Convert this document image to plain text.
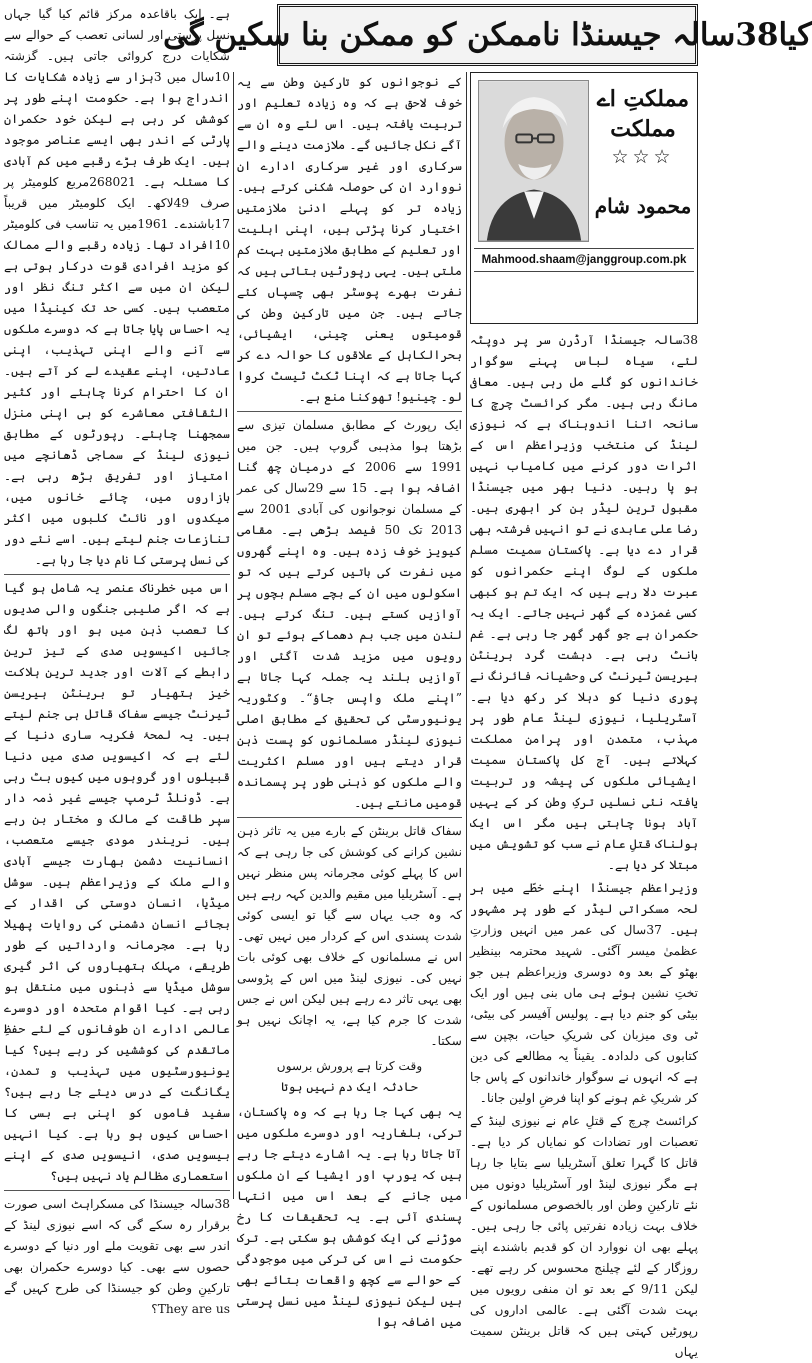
کیا38سالہ جیسنڈا ناممکن کو ممکن بنا سکیں گی
مملکتِ اے مملکت
☆☆☆
محمود شام
Mahmood.shaam@janggroup.com.pk

38سالہ جیسنڈا آرڈرن سر پر دوپٹہ لئے، سیاہ لباس پہنے سوگوار خاندانوں کو گلے مل رہی ہیں۔ معافی مانگ رہی ہیں۔ مگر کرائسٹ چرچ کا سانحہ اتنا اندوہناک ہے کہ نیوزی لینڈ کی منتخب وزیراعظم اس کے اثرات دور کرنے میں کامیاب نہیں ہو پا رہیں۔ دنیا بھر میں جیسنڈا مقبول ترین لیڈر بن کر ابھری ہیں۔ رضا علی عابدی نے تو انہیں فرشتہ بھی قرار دے دیا ہے۔ پاکستان سمیت مسلم ملکوں کے لوگ اپنے حکمرانوں کو عبرت دلا رہے ہیں کہ ایک تم ہو کبھی کسی غمزدہ کے گھر نہیں جاتے۔ ایک یہ حکمران ہے جو گھر گھر جا رہی ہے۔ غم بانٹ رہی ہے۔ دہشت گرد برینٹن ہیریسن ٹیرنٹ کی وحشیانہ فائرنگ نے پوری دنیا کو دہلا کر رکھ دیا ہے۔ آسٹریلیا، نیوزی لینڈ عام طور پر مہذب، متمدن اور پرامن مملکت کہلاتے ہیں۔ آج کل پاکستان سمیت ایشیائی ملکوں کی پیشہ ور تربیت یافتہ نئی نسلیں ترکِ وطن کر کے یہیں آباد ہونا چاہتی ہیں مگر اس ایک ہولناک قتلِ عام نے سب کو تشویش میں مبتلا کر دیا ہے۔

وزیراعظم جیسنڈا اپنے خطّے میں ہر لحہ مسکراتی لیڈر کے طور پر مشہور ہیں۔ 37سال کی عمر میں انہیں وزارتِ عظمیٰ میسر آگئی۔ شہید محترمہ بینظیر بھٹو کے بعد وہ دوسری وزیراعظم ہیں جو تختِ نشین ہوئے ہی ماں بنی ہیں اور ایک بیٹی کو جنم دیا ہے۔ پولیس آفیسر کی بیٹی، ٹی وی میزبان کی شریکِ حیات، بچپن سے کتابوں کی دلدادہ۔ یقیناً یہ مطالعے کی دین ہے کہ انہوں نے سوگوار خاندانوں کے پاس جا کر شریکِ غم ہونے کو اپنا فرضِ اولین جانا۔

کرائسٹ چرچ کے قتلِ عام نے نیوزی لینڈ کے تعصبات اور تضادات کو نمایاں کر دیا ہے۔ قاتل کا گہرا تعلق آسٹریلیا سے بتایا جا رہا ہے مگر نیوزی لینڈ اور آسٹریلیا دونوں میں نئے تارکینِ وطن اور بالخصوص مسلمانوں کے خلاف بہت زیادہ نفرتیں پائی جا رہی ہیں۔ پہلے بھی ان نووارد ان کو قدیم باشندے اپنے روزگار کے لئے چیلنج محسوس کر رہے تھے۔ لیکن 9/11 کے بعد تو ان منفی رویوں میں بہت شدت آگئی ہے۔ عالمی اداروں کی رپورٹیں کہتی ہیں کہ قاتل برینٹن سمیت یہاں

کے نوجوانوں کو تارکینِ وطن سے یہ خوف لاحق ہے کہ وہ زیادہ تعلیم اور تربیت یافتہ ہیں۔ اس لئے وہ ان سے آگے نکل جائیں گے۔ ملازمت دینے والے سرکاری اور غیر سرکاری ادارے ان نووارد ان کی حوصلہ شکنی کرتے ہیں۔ زیادہ تر کو پہلے ادنیٰ ملازمتیں اختیار کرنا پڑتی ہیں، اپنی اہلیت اور تعلیم کے مطابق ملازمتیں بہت کم ملتی ہیں۔ یہی رپورٹیں بتاتی ہیں کہ نفرت بھرے پوسٹر بھی چسپاں کئے جاتے ہیں۔ جن میں تارکینِ وطن کی قومیتوں یعنی چینی، ایشیائی، بحرالکاہل کے علاقوں کا حوالہ دے کر کہا جاتا ہے کہ اپنا ٹکٹ ٹیسٹ کروا لو۔ چینیو! تھوکنا منع ہے۔

ایک رپورٹ کے مطابق مسلمان تیزی سے بڑھتا ہوا مذہبی گروپ ہیں۔ جن میں 1991 سے 2006 کے درمیان چھ گنا اضافہ ہوا ہے۔ 15 سے 29سال کی عمر کے مسلمان نوجوانوں کی آبادی 2001 سے 2013 تک 50 فیصد بڑھی ہے۔ مقامی کیویز خوف زدہ ہیں۔ وہ اپنے گھروں میں نفرت کی باتیں کرتے ہیں کہ تو اسکولوں میں ان کے بچے مسلم بچوں پر آوازیں کستے ہیں۔ تنگ کرتے ہیں۔ لندن میں جب بم دھماکے ہوئے تو ان رویوں میں مزید شدت آگئی اور آوازیں بلند یہ جملہ کہا جاتا ہے ”اپنے ملک واپس جاؤ“۔ وکٹوریہ یونیورسٹی کی تحقیق کے مطابق اصلی نیوزی لینڈر مسلمانوں کو پست ذہن قرار دیتے ہیں اور مسلم اکثریت والے ملکوں کو ذہنی طور پر پسماندہ قومیں مانتے ہیں۔

سفاک قاتل برینٹن کے بارے میں یہ تاثر ذہن نشین کرانے کی کوشش کی جا رہی ہے کہ اس کا پہلے کوئی مجرمانہ پس منظر نہیں ہے۔ آسٹریلیا میں مقیم والدین کہہ رہے ہیں کہ وہ جب یہاں سے گیا تو ایسی کوئی شدت پسندی اس کے کردار میں نہیں تھی۔ اس نے مسلمانوں کے خلاف بھی کوئی بات نہیں کی۔ نیوزی لینڈ میں اس کے پڑوسی بھی یہی تاثر دے رہے ہیں لیکن اس نے جس شدت کا جرم کیا ہے، یہ اچانک نہیں ہو سکتا۔

وقت کرتا ہے پرورش برسوں
حادثہ ایک دم نہیں ہوتا

یہ بھی کہا جا رہا ہے کہ وہ پاکستان، ترکی، بلغاریہ اور دوسرے ملکوں میں آتا جاتا رہا ہے۔ یہ اشارے دیئے جا رہے ہیں کہ یورپ اور ایشیا کے ان ملکوں میں جانے کے بعد اس میں انتہا پسندی آئی ہے۔ یہ تحقیقات کا رخ موڑنے کی ایک کوشش ہو سکتی ہے۔ ترک حکومت نے اس کی ترکی میں موجودگی کے حوالے سے کچھ واقعات بتائے بھی ہیں لیکن نیوزی لینڈ میں نسل پرستی میں اضافہ ہوا

ہے۔ ایک باقاعدہ مرکز قائم کیا گیا جہاں نسل پرستی اور لسانی تعصب کے حوالے سے شکایات درج کروائی جاتی ہیں۔ گزشتہ 10سال میں 3ہزار سے زیادہ شکایات کا اندراج ہوا ہے۔ حکومت اپنے طور پر کوشش کر رہی ہے لیکن خود حکمران پارٹی کے اندر بھی ایسے عناصر موجود ہیں۔ ایک طرف بڑے رقبے میں کم آبادی کا مسئلہ ہے۔ 268021مربع کلومیٹر پر صرف 49لاکھ۔ ایک کلومیٹر میں قریباً 17باشندے۔ 1961میں یہ تناسب فی کلومیٹر 10افراد تھا۔ زیادہ رقبے والے ممالک کو مزید افرادی قوت درکار ہوتی ہے لیکن ان میں سے اکثر تنگ نظر اور متعصب ہیں۔ کسی حد تک کینیڈا میں یہ احساس پایا جاتا ہے کہ دوسرے ملکوں سے آنے والے اپنی تہذیب، اپنی عادتیں، اپنے عقیدے لے کر آتے ہیں۔ ان کا احترام کرنا چاہئے اور کثیر الثقافتی معاشرے کو ہی اپنی منزل سمجھنا چاہئے۔ رپورٹوں کے مطابق نیوزی لینڈ کے سماجی ڈھانچے میں امتیاز اور تفریق بڑھ رہی ہے۔ بازاروں میں، چائے خانوں میں، میکدوں اور نائٹ کلبوں میں اکثر تنازعات جنم لیتے ہیں۔ اسے نئے دور کی نسل پرستی کا نام دیا جا رہا ہے۔

اس میں خطرناک عنصر یہ شامل ہو گیا ہے کہ اگر صلیبی جنگوں والی صدیوں کا تعصب ذہن میں ہو اور ہاتھ لگ جائیں اکیسویں صدی کے تیز ترین رابطے کے آلات اور جدید ترین ہلاکت خیز ہتھیار تو برینٹن ہیریسن ٹیرنٹ جیسے سفاک قاتل ہی جنم لیتے ہیں۔ یہ لمحۂ فکریہ ساری دنیا کے لئے ہے کہ اکیسویں صدی میں دنیا قبیلوں اور گروہوں میں کیوں بٹ رہی ہے۔ ڈونلڈ ٹرمپ جیسے غیر ذمہ دار سپر طاقت کے مالک و مختار بن رہے ہیں۔ نریندر مودی جیسے متعصب، انسانیت دشمن بھارت جیسے آبادی والے ملک کے وزیراعظم ہیں۔ سوشل میڈیا، انسان دوستی کی اقدار کے بجائے انسان دشمنی کی روایات پھیلا رہا ہے۔ مجرمانہ وارداتیں کے طور طریقے، مہلک ہتھیاروں کی اثر گیری سوشل میڈیا سے ذہنوں میں منتقل ہو رہی ہے۔ کیا اقوام متحدہ اور دوسرے عالمی ادارے ان طوفانوں کے لئے حفظِ ماتقدم کی کوششیں کر رہے ہیں؟ کیا یونیورسٹیوں میں تہذیب و تمدن، یگانگت کے درس دیئے جا رہے ہیں؟ سفید فاموں کو اپنی بے بسی کا احساس کیوں ہو رہا ہے۔ کیا انہیں بیسویں صدی، انیسویں صدی کے اپنے استعماری مظالم یاد نہیں ہیں؟

38سالہ جیسنڈا کی مسکراہٹ اسی صورت برقرار رہ سکے گی کہ اسے نیوزی لینڈ کے اندر سے بھی تقویت ملے اور دنیا کے دوسرے حصوں سے بھی۔ کیا دوسرے حکمران بھی تارکینِ وطن کو جیسنڈا کی طرح کہیں گے They are us؟
